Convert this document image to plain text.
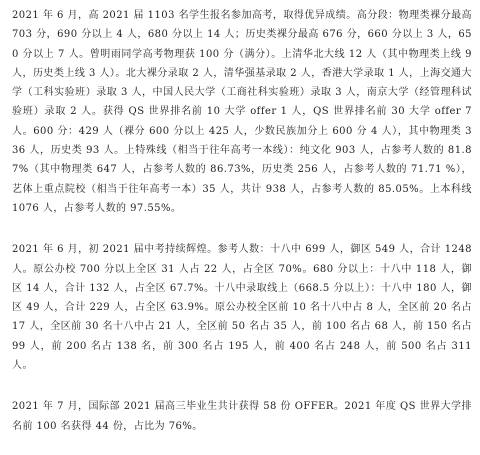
2021 年 6 月，高 2021 届 1103 名学生报名参加高考，取得优异成绩。高分段：物理类裸分最高 703 分，690 分以上 4 人，680 分以上 14 人；历史类裸分最高 676 分，660 分以上 3 人，650 分以上 7 人。曾明雨同学高考物理获 100 分（满分）。上清华北大线 12 人（其中物理类上线 9 人，历史类上线 3 人）。北大裸分录取 2 人，清华强基录取 2 人，香港大学录取 1 人，上海交通大学（工科实验班）录取 3 人，中国人民大学（工商社科实验班）录取 3 人，南京大学（经管理科试验班）录取 2 人。获得 QS 世界排名前 10 大学 offer 1 人，QS 世界排名前 30 大学 offer 7 人。600 分：429 人（裸分 600 分以上 425 人，少数民族加分上 600 分 4 人），其中物理类 336 人，历史类 93 人。上特殊线（相当于往年高考一本线）：纯文化 903 人，占参考人数的 81.87%（其中物理类 647 人，占参考人数的 86.73%，历史类 256 人，占参考人数的 71.71 %），艺体上重点院校（相当于往年高考一本）35 人，共计 938 人，占参考人数的 85.05%。上本科线 1076 人，占参考人数的 97.55%。

2021 年 6 月，初 2021 届中考持续辉煌。参考人数：十八中 699 人，御区 549 人，合计 1248 人。原公办校 700 分以上全区 31 人占 22 人，占全区 70%。680 分以上：十八中 118 人，御区 14 人，合计 132 人，占全区 67.7%。十八中录取线上（668.5 分以上）：十八中 180 人，御区 49 人，合计 229 人，占全区 63.9%。原公办校全区前 10 名十八中占 8 人，全区前 20 名占 17 人，全区前 30 名十八中占 21 人，全区前 50 名占 35 人，前 100 名占 68 人，前 150 名占 99 人，前 200 名占 138 名，前 300 名占 195 人，前 400 名占 248 人，前 500 名占 311 人。

2021 年 7 月，国际部 2021 届高三毕业生共计获得 58 份 OFFER。2021 年度 QS 世界大学排名前 100 名获得 44 份，占比为 76%。
